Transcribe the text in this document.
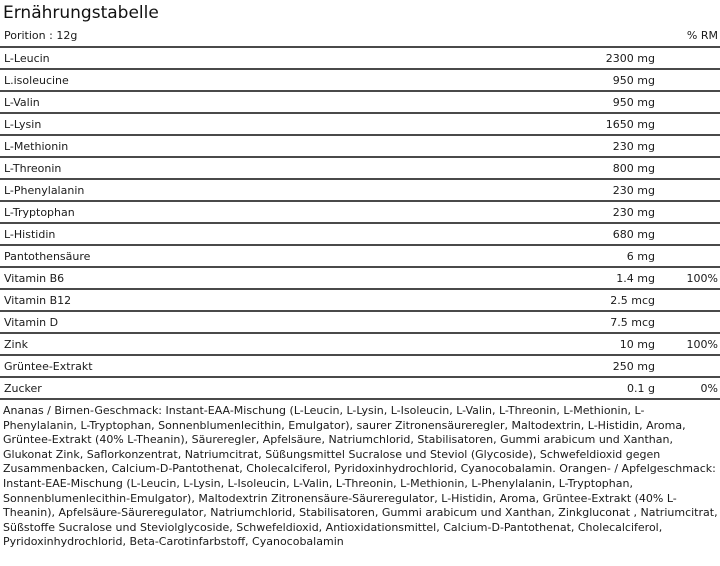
Ernährungstabelle
Porition : 12g	% RM
L-Leucin	2300 mg
L.isoleucine	950 mg
L-Valin	950 mg
L-Lysin	1650 mg
L-Methionin	230 mg
L-Threonin	800 mg
L-Phenylalanin	230 mg
L-Tryptophan	230 mg
L-Histidin	680 mg
Pantothensäure	6 mg
Vitamin B6	1.4 mg	100%
Vitamin B12	2.5 mcg
Vitamin D	7.5 mcg
Zink	10 mg	100%
Grüntee-Extrakt	250 mg
Zucker	0.1 g	0%
Ananas / Birnen-Geschmack: Instant-EAA-Mischung (L-Leucin, L-Lysin, L-Isoleucin, L-Valin, L-Threonin, L-Methionin, L-Phenylalanin, L-Tryptophan, Sonnenblumenlecithin, Emulgator), saurer Zitronensäureregler, Maltodextrin, L-Histidin, Aroma, Grüntee-Extrakt (40% L-Theanin), Säureregler, Apfelsäure, Natriumchlorid, Stabilisatoren, Gummi arabicum und Xanthan, Glukonat Zink, Saflorkonzentrat, Natriumcitrat, Süßungsmittel Sucralose und Steviol (Glycoside), Schwefeldioxid gegen Zusammenbacken, Calcium-D-Pantothenat, Cholecalciferol, Pyridoxinhydrochlorid, Cyanocobalamin. Orangen- / Apfelgeschmack: Instant-EAE-Mischung (L-Leucin, L-Lysin, L-Isoleucin, L-Valin, L-Threonin, L-Methionin, L-Phenylalanin, L-Tryptophan,
Sonnenblumenlecithin-Emulgator), Maltodextrin Zitronensäure-Säureregulator, L-Histidin, Aroma, Grüntee-Extrakt (40% L-Theanin), Apfelsäure-Säureregulator, Natriumchlorid, Stabilisatoren, Gummi arabicum und Xanthan, Zinkgluconat , Natriumcitrat, Süßstoffe Sucralose und Steviolglycoside, Schwefeldioxid, Antioxidationsmittel, Calcium-D-Pantothenat, Cholecalciferol, Pyridoxinhydrochlorid, Beta-Carotinfarbstoff, Cyanocobalamin
